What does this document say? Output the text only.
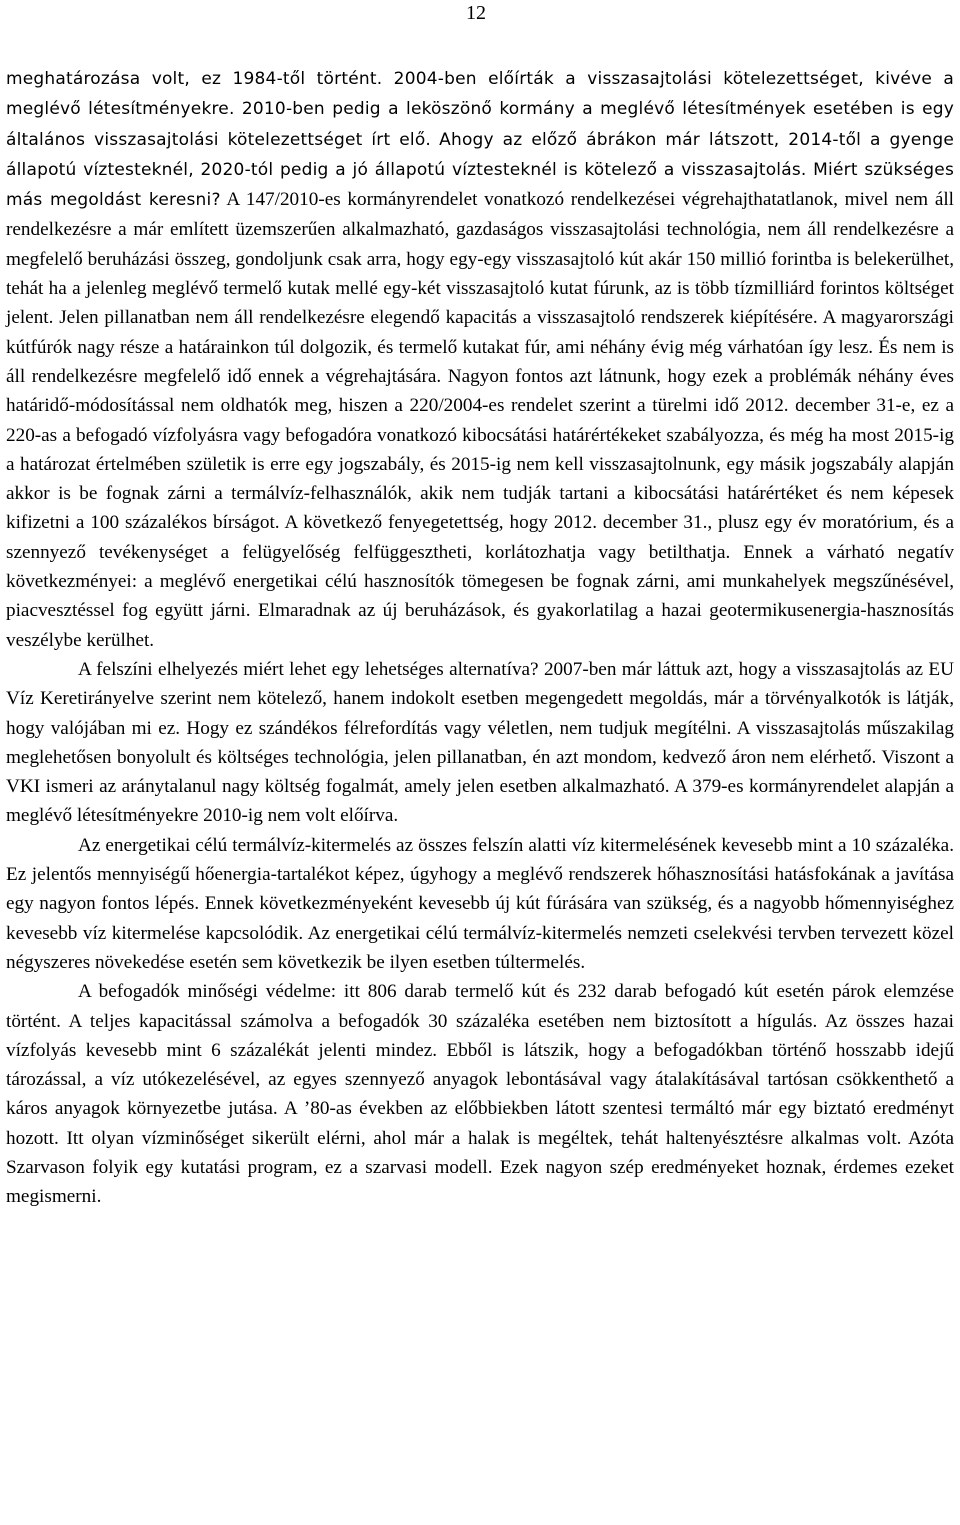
12

meghatározása volt, ez 1984-től történt. 2004-ben előírták a visszasajtolási kötelezettséget, kivéve a meglévő létesítményekre. 2010-ben pedig a leköszönő kormány a meglévő létesítmények esetében is egy általános visszasajtolási kötelezettséget írt elő. Ahogy az előző ábrákon már látszott, 2014-től a gyenge állapotú víztesteknél, 2020-tól pedig a jó állapotú víztesteknél is kötelező a visszasajtolás. Miért szükséges más megoldást keresni? A 147/2010-es kormányrendelet vonatkozó rendelkezései végrehajthatatlanok, mivel nem áll rendelkezésre a már említett üzemszerűen alkalmazható, gazdaságos visszasajtolási technológia, nem áll rendelkezésre a megfelelő beruházási összeg, gondoljunk csak arra, hogy egy-egy visszasajtoló kút akár 150 millió forintba is belekerülhet, tehát ha a jelenleg meglévő termelő kutak mellé egy-két visszasajtoló kutat fúrunk, az is több tízmilliárd forintos költséget jelent. Jelen pillanatban nem áll rendelkezésre elegendő kapacitás a visszasajtoló rendszerek kiépítésére. A magyarországi kútfúrók nagy része a határainkon túl dolgozik, és termelő kutakat fúr, ami néhány évig még várhatóan így lesz. És nem is áll rendelkezésre megfelelő idő ennek a végrehajtására. Nagyon fontos azt látnunk, hogy ezek a problémák néhány éves határidő-módosítással nem oldhatók meg, hiszen a 220/2004-es rendelet szerint a türelmi idő 2012. december 31-e, ez a 220-as a befogadó vízfolyásra vagy befogadóra vonatkozó kibocsátási határértékeket szabályozza, és még ha most 2015-ig a határozat értelmében születik is erre egy jogszabály, és 2015-ig nem kell visszasajtolnunk, egy másik jogszabály alapján akkor is be fognak zárni a termálvíz-felhasználók, akik nem tudják tartani a kibocsátási határértéket és nem képesek kifizetni a 100 százalékos bírságot. A következő fenyegetettség, hogy 2012. december 31., plusz egy év moratórium, és a szennyező tevékenységet a felügyelőség felfüggesztheti, korlátozhatja vagy betilthatja. Ennek a várható negatív következményei: a meglévő energetikai célú hasznosítók tömegesen be fognak zárni, ami munkahelyek megszűnésével, piacvesztéssel fog együtt járni. Elmaradnak az új beruházások, és gyakorlatilag a hazai geotermikusenergia-hasznosítás veszélybe kerülhet.

A felszíni elhelyezés miért lehet egy lehetséges alternatíva? 2007-ben már láttuk azt, hogy a visszasajtolás az EU Víz Keretirányelve szerint nem kötelező, hanem indokolt esetben megengedett megoldás, már a törvényalkotók is látják, hogy valójában mi ez. Hogy ez szándékos félrefordítás vagy véletlen, nem tudjuk megítélni. A visszasajtolás műszakilag meglehetősen bonyolult és költséges technológia, jelen pillanatban, én azt mondom, kedvező áron nem elérhető. Viszont a VKI ismeri az aránytalanul nagy költség fogalmát, amely jelen esetben alkalmazható. A 379-es kormányrendelet alapján a meglévő létesítményekre 2010-ig nem volt előírva.

Az energetikai célú termálvíz-kitermelés az összes felszín alatti víz kitermelésének kevesebb mint a 10 százaléka. Ez jelentős mennyiségű hőenergia-tartalékot képez, úgyhogy a meglévő rendszerek hőhasznosítási hatásfokának a javítása egy nagyon fontos lépés. Ennek következményeként kevesebb új kút fúrására van szükség, és a nagyobb hőmennyiséghez kevesebb víz kitermelése kapcsolódik. Az energetikai célú termálvíz-kitermelés nemzeti cselekvési tervben tervezett közel négyszeres növekedése esetén sem következik be ilyen esetben túltermelés.

A befogadók minőségi védelme: itt 806 darab termelő kút és 232 darab befogadó kút esetén párok elemzése történt. A teljes kapacitással számolva a befogadók 30 százaléka esetében nem biztosított a hígulás. Az összes hazai vízfolyás kevesebb mint 6 százalékát jelenti mindez. Ebből is látszik, hogy a befogadókban történő hosszabb idejű tározással, a víz utókezelésével, az egyes szennyező anyagok lebontásával vagy átalakításával tartósan csökkenthető a káros anyagok környezetbe jutása. A ’80-as években az előbbiekben látott szentesi termáltó már egy biztató eredményt hozott. Itt olyan vízminőséget sikerült elérni, ahol már a halak is megéltek, tehát haltenyésztésre alkalmas volt. Azóta Szarvason folyik egy kutatási program, ez a szarvasi modell. Ezek nagyon szép eredményeket hoznak, érdemes ezeket megismerni.
